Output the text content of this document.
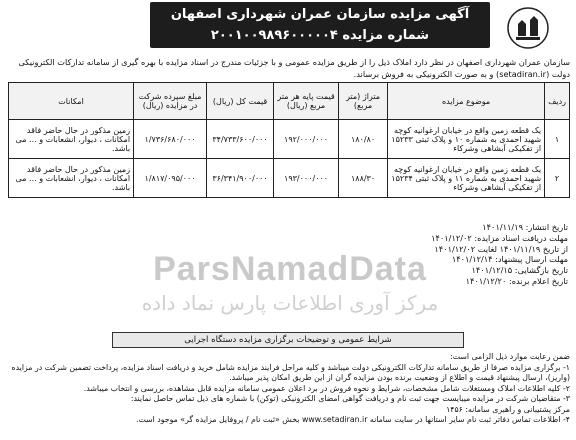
آگهی مزایده سازمان عمران شهرداری اصفهان
شماره مزایده ۲۰۰۱۰۰۹۸۹۶۰۰۰۰۰۴
سازمان عمران شهرداری اصفهان در نظر دارد املاک ذیل را از طریق مزایده عمومی و با جزئیات مندرج در اسناد مزایده با بهره گیری از سامانه تدارکات الکترونیکی دولت (setadiran.ir) و به صورت الکترونیکی به فروش برساند.
ردیف	موضوع مزایده	متراژ (متر مربع)	قیمت پایه هر متر مربع (ریال)	قیمت کل (ریال)	مبلغ سپرده شرکت در مزایده (ریال)	امکانات
۱	یک قطعه زمین واقع در خیابان ارغوانیه کوچه شهید احمدی به شماره ۱۰ و پلاک ثبتی ۱۵۲۳۳ از تفکیکی آبشاهی وشرکاء	۱۸۰/۸۰	۱۹۲/۰۰۰/۰۰۰	۳۴/۷۳۳/۶۰۰/۰۰۰	۱/۷۳۶/۶۸۰/۰۰۰	زمین مذکور در حال حاضر فاقد امکانات ، دیوار، انشعابات و ... می باشد.
۲	یک قطعه زمین واقع در خیابان ارغوانیه کوچه شهید احمدی به شماره ۱۱ و پلاک ثبتی ۱۵۲۳۴ از تفکیکی آبشاهی وشرکاء	۱۸۸/۳۰	۱۹۳/۰۰۰/۰۰۰	۳۶/۳۴۱/۹۰۰/۰۰۰	۱/۸۱۷/۰۹۵/۰۰۰	زمین مذکور در حال حاضر فاقد امکانات ، دیوار، انشعابات و ... می باشد.
تاریخ انتشار: ۱۴۰۱/۱۱/۱۹
مهلت دریافت اسناد مزایده: ۱۴۰۱/۱۲/۰۲
از تاریخ ۱۴۰۱/۱۱/۱۹ لغایت ۱۴۰۱/۱۲/۰۲
مهلت ارسال پیشنهاد: ۱۴۰۱/۱۲/۱۴
تاریخ بازگشایی: ۱۴۰۱/۱۲/۱۵
تاریخ اعلام برنده: ۱۴۰۱/۱۲/۲۰
ParsNamadData
مرکز آوری اطلاعات پارس نماد داده
شرایط عمومی و توضیحات برگزاری مزایده دستگاه اجرایی
ضمن رعایت موارد ذیل الزامی است:
۱- برگزاری مزایده صرفا از طریق سامانه تدارکات الکترونیکی دولت میباشد و کلیه مراحل فرایند مزایده شامل خرید و دریافت اسناد مزایده، پرداخت تضمین شرکت در مزایده
(واریز)، ارسال پیشنهاد قیمت و اطلاع از وضعیت برنده بودن مزایده گران از این طریق امکان پذیر میباشد.
۲- کلیه اطلاعات املاک ومستغلات شامل مشخصات، شرایط و نحوه فروش در برد اعلان عمومی سامانه مزایده قابل مشاهده، بررسی و انتخاب میباشد.
۳- متقاضیان شرکت در مزایده میبایست جهت ثبت نام و دریافت گواهی امضای الکترونیکی (توکن) با شماره های ذیل تماس حاصل نمایند:
مرکز پشتیبانی و راهبری سامانه: ۱۴۵۶
۴- اطلاعات تماس دفاتر ثبت نام سایر استانها در سایت سامانه www.setadiran.ir بخش «ثبت نام / پروفایل مزایده گر» موجود است.
